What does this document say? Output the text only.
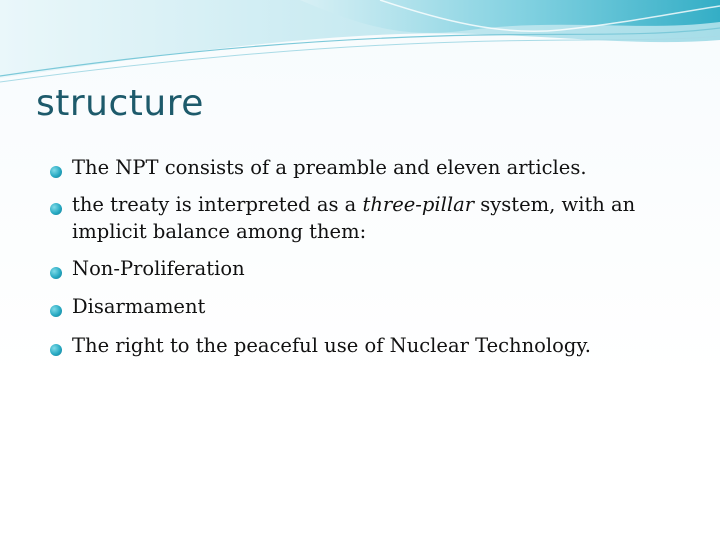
structure
The NPT consists of a preamble and eleven articles.
the treaty is interpreted as a three-pillar system, with an implicit balance among them:
Non-Proliferation
Disarmament
The right to the peaceful use of Nuclear Technology.
